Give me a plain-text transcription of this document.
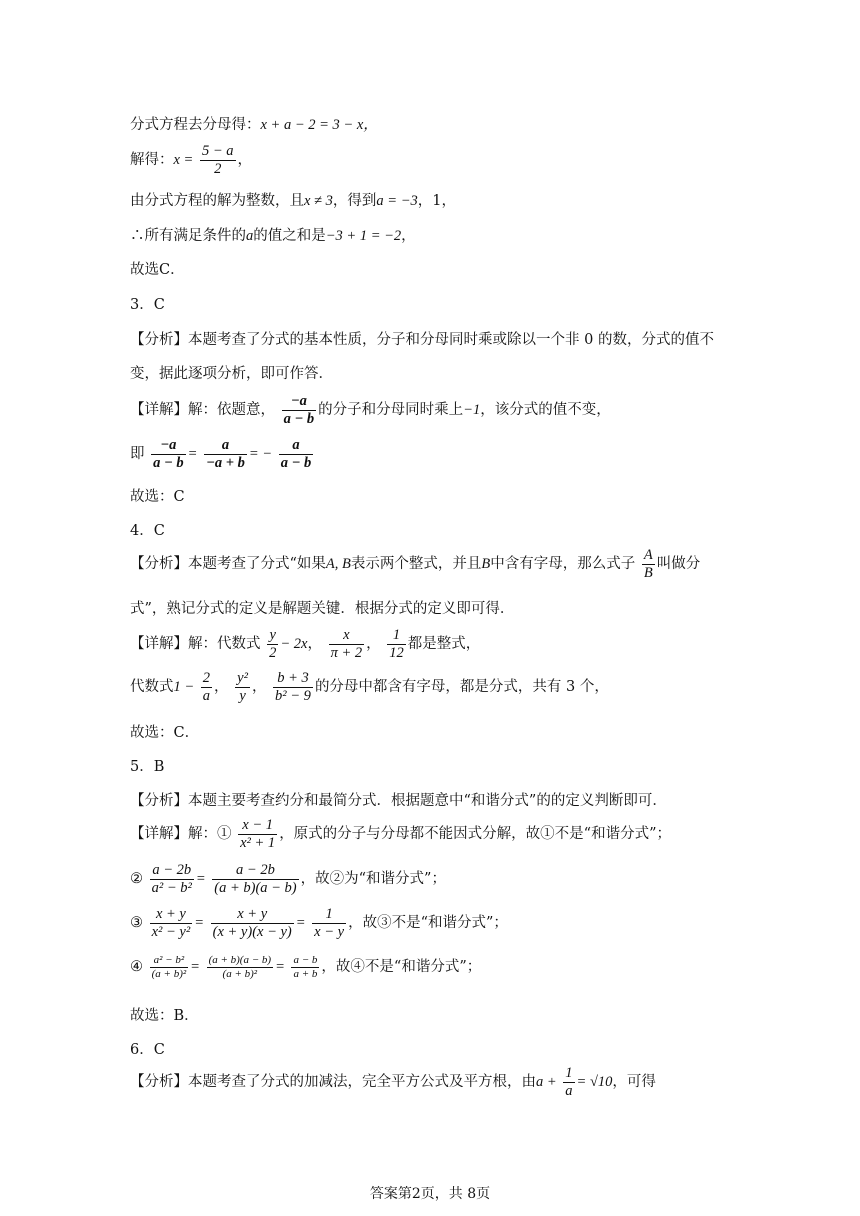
分式方程去分母得：x + a − 2 = 3 − x，
解得：$x = \frac{5 - a}{2}$ ，
由分式方程的解为整数，且x ≠ 3，得到a = −3，1，
∴所有满足条件的a的值之和是−3 + 1 = −2，
故选C．
3．C
【分析】本题考查了分式的基本性质，分子和分母同时乘或除以一个非 0 的数，分式的值不
变，据此逐项分析，即可作答．
【详解】解：依题意， $\frac{-a}{a - b}$ 的分子和分母同时乘上−1，该分式的值不变，
即 $\frac{-a}{a - b} = \frac{a}{-a + b}$ = − $\frac{a}{a - b}$
故选：C
4．C
【分析】本题考查了分式“如果A, B表示两个整式，并且B中含有字母，那么式子 $\frac{A}{B}$ 叫做分
式”，熟记分式的定义是解题关键．根据分式的定义即可得．
【详解】解：代数式 $\frac{y}{2} - 2x$， $\frac{x}{\pi + 2}$ ， $\frac{1}{12}$ 都是整式，
代数式$1 - \frac{2}{a}$ ， $\frac{\text{y²}}{y}$ ， $\frac{b + 3}{\text{b² − 9}}$ 的分母中都含有字母，都是分式，共有 3 个，
故选：C．
5．B
【分析】本题主要考查约分和最简分式．根据题意中“和谐分式”的的定义判断即可．
【详解】解：① $\frac{x - 1}{\text{x² + 1}}$ ，原式的分子与分母都不能因式分解，故①不是“和谐分式”；
② $\frac{a - 2b}{\text{a² − b²}} = \frac{a - 2b}{(a + b)(a - b)}$ ，故②为“和谐分式”；
③ $\frac{x + y}{\text{x² − y²}} = \frac{x + y}{(x + y)(x - y)} = \frac{1}{x - y}$ ，故③不是“和谐分式”；
④ $\frac{\text{a² − b²}}{\text{(a + b)²}} = \frac{(a + b)(a - b)}{\text{(a + b)²}} = \frac{a - b}{a + b}$ ，故④不是“和谐分式”；
故选：B．
6．C
【分析】本题考查了分式的加减法，完全平方公式及平方根，由$a + \frac{1}{a} = √10$，可得
答案第2页，共 8页
